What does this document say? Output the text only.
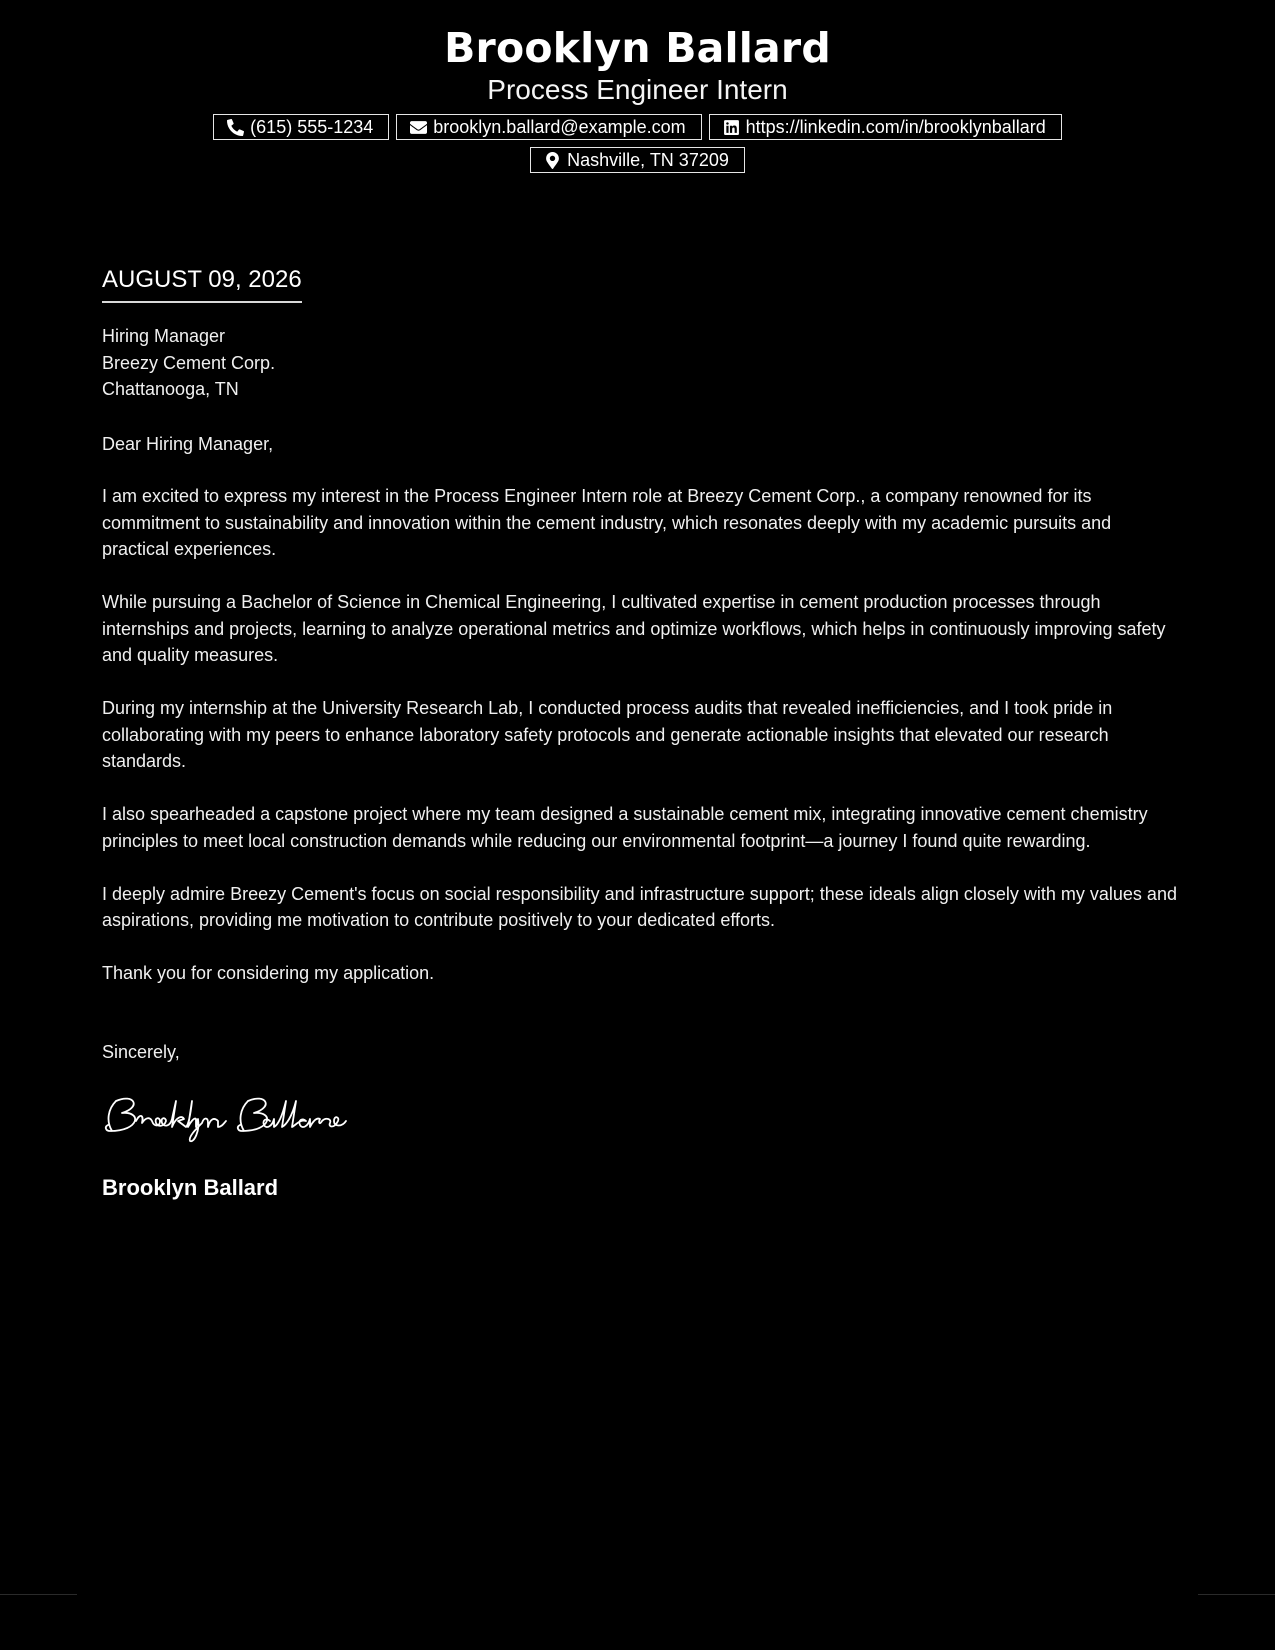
Brooklyn Ballard
Process Engineer Intern
(615) 555-1234	brooklyn.ballard@example.com	https://linkedin.com/in/brooklynballard
Nashville, TN 37209
AUGUST 09, 2026

Hiring Manager

Breezy Cement Corp.

Chattanooga, TN

Dear Hiring Manager,

I am excited to express my interest in the Process Engineer Intern role at Breezy Cement Corp., a company renowned for its commitment to sustainability and innovation within the cement industry, which resonates deeply with my academic pursuits and practical experiences.

While pursuing a Bachelor of Science in Chemical Engineering, I cultivated expertise in cement production processes through internships and projects, learning to analyze operational metrics and optimize workflows, which helps in continuously improving safety and quality measures.

During my internship at the University Research Lab, I conducted process audits that revealed inefficiencies, and I took pride in collaborating with my peers to enhance laboratory safety protocols and generate actionable insights that elevated our research standards.

I also spearheaded a capstone project where my team designed a sustainable cement mix, integrating innovative cement chemistry principles to meet local construction demands while reducing our environmental footprint—a journey I found quite rewarding.

I deeply admire Breezy Cement's focus on social responsibility and infrastructure support; these ideals align closely with my values and aspirations, providing me motivation to contribute positively to your dedicated efforts.

Thank you for considering my application.

Sincerely,

Brooklyn Ballard
